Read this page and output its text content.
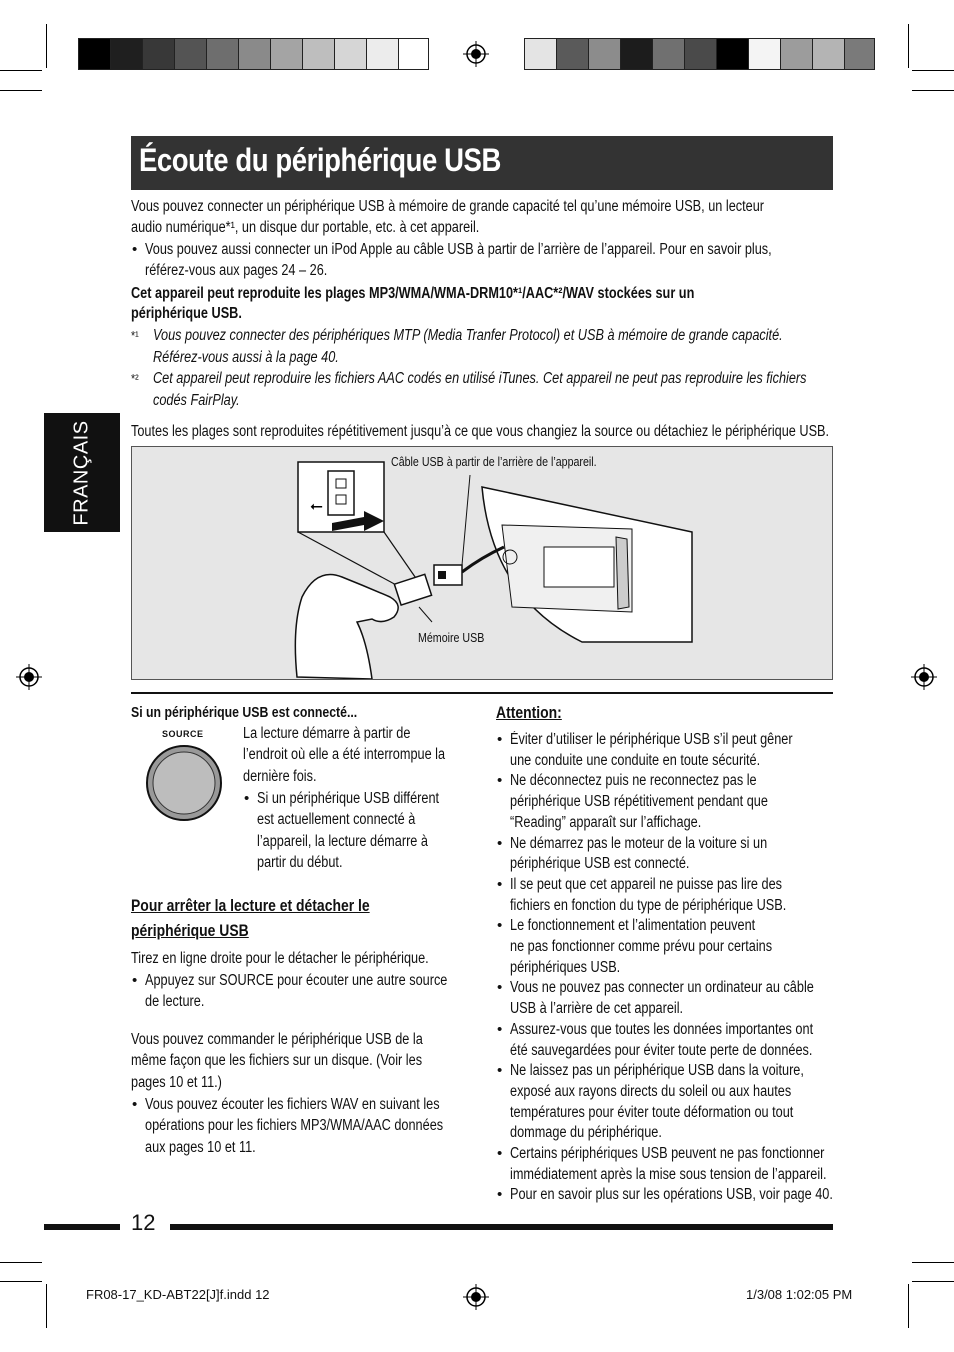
Écoute du périphérique USB
FRANÇAIS
Vous pouvez connecter un périphérique USB à mémoire de grande capacité tel qu’une mémoire USB, un lecteur
audio numérique*¹, un disque dur portable, etc. à cet appareil.
• Vous pouvez aussi connecter un iPod Apple au câble USB à partir de l’arrière de l’appareil. Pour en savoir plus,
référez-vous aux pages 24 – 26.
Cet appareil peut reproduite les plages MP3/WMA/WMA-DRM10*¹/AAC*²/WAV stockées sur un
périphérique USB.
*¹ Vous pouvez connecter des périphériques MTP (Media Tranfer Protocol) et USB à mémoire de grande capacité.
Référez-vous aussi à la page 40.
*² Cet appareil peut reproduire les fichiers AAC codés en utilisé iTunes. Cet appareil ne peut pas reproduire les fichiers
codés FairPlay.
Toutes les plages sont reproduites répétitivement jusqu’à ce que vous changiez la source ou détachiez le périphérique USB.
⭠
Câble USB à partir de l’arrière de l’appareil.
Mémoire USB
Si un périphérique USB est connecté...
SOURCE	La lecture démarre à partir de
l’endroit où elle a été interrompue la
dernière fois.
• Si un périphérique USB différent
est actuellement connecté à
l’appareil, la lecture démarre à
partir du début.
Pour arrêter la lecture et détacher le
périphérique USB
Tirez en ligne droite pour le détacher le périphérique.
• Appuyez sur SOURCE pour écouter une autre source
de lecture.
Vous pouvez commander le périphérique USB de la
même façon que les fichiers sur un disque. (Voir les
pages 10 et 11.)
• Vous pouvez écouter les fichiers WAV en suivant les
opérations pour les fichiers MP3/WMA/AAC données
aux pages 10 et 11.
Attention:
• Éviter d’utiliser le périphérique USB s’il peut gêner
une conduite une conduite en toute sécurité.
• Ne déconnectez puis ne reconnectez pas le
périphérique USB répétitivement pendant que
“Reading” apparaît sur l’affichage.
• Ne démarrez pas le moteur de la voiture si un
périphérique USB est connecté.
• Il se peut que cet appareil ne puisse pas lire des
fichiers en fonction du type de périphérique USB.
• Le fonctionnement et l’alimentation peuvent
ne pas fonctionner comme prévu pour certains
périphériques USB.
• Vous ne pouvez pas connecter un ordinateur au câble
USB à l’arrière de cet appareil.
• Assurez-vous que toutes les données importantes ont
été sauvegardées pour éviter toute perte de données.
• Ne laissez pas un périphérique USB dans la voiture,
exposé aux rayons directs du soleil ou aux hautes
températures pour éviter toute déformation ou tout
dommage du périphérique.
• Certains périphériques USB peuvent ne pas fonctionner
immédiatement après la mise sous tension de l’appareil.
• Pour en savoir plus sur les opérations USB, voir page 40.
12
FR08-17_KD-ABT22[J]f.indd 12	1/3/08 1:02:05 PM
